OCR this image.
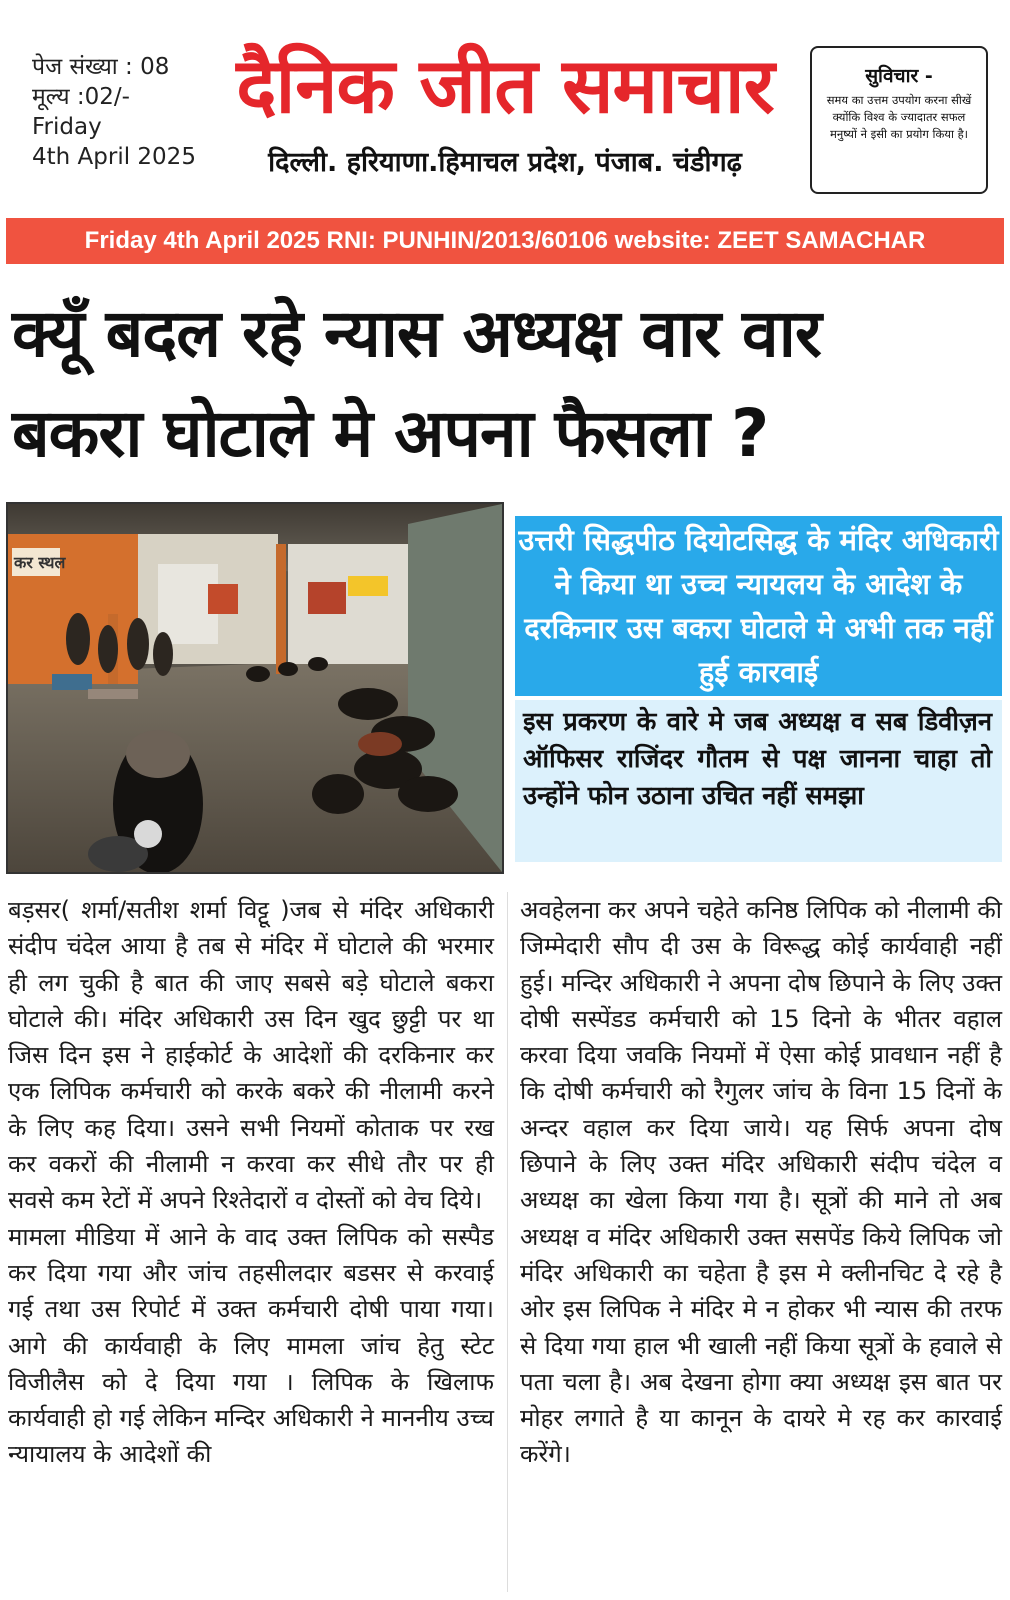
पेज संख्या : 08
मूल्य :02/-
Friday
4th April 2025
दैनिक जीत समाचार
दिल्ली. हरियाणा.हिमाचल प्रदेश, पंजाब. चंडीगढ़
सुविचार -
समय का उत्तम उपयोग करना सीखें क्योंकि विश्व के ज्यादातर सफल मनुष्यों ने इसी का प्रयोग किया है।
Friday 4th April 2025 RNI: PUNHIN/2013/60106 website: ZEET SAMACHAR
क्यूँ बदल रहे न्यास अध्यक्ष वार वार
बकरा घोटाले मे अपना फैसला ?
कर स्थल
उत्तरी सिद्धपीठ दियोटसिद्ध के मंदिर अधिकारी ने किया था उच्च न्यायलय के आदेश के दरकिनार उस बकरा घोटाले मे अभी तक नहीं हुई कारवाई
इस प्रकरण के वारे मे जब अध्यक्ष व सब डिवीज़न ऑफिसर राजिंदर गौतम से पक्ष जानना चाहा तो उन्होंने फोन उठाना उचित नहीं समझा

बड़सर( शर्मा/सतीश शर्मा विट्टू )जब से मंदिर अधिकारी संदीप चंदेल आया है तब से मंदिर में घोटाले की भरमार ही लग चुकी है बात की जाए सबसे बड़े घोटाले बकरा घोटाले की। मंदिर अधिकारी उस दिन खुद छुट्टी पर था जिस दिन इस ने हाईकोर्ट के आदेशों की दरकिनार कर एक लिपिक कर्मचारी को करके बकरे की नीलामी करने के लिए कह दिया। उसने सभी नियमों कोताक पर रख कर वकरों की नीलामी न करवा कर सीधे तौर पर ही सवसे कम रेटों में अपने रिश्तेदारों व दोस्तों को वेच दिये।

मामला मीडिया में आने के वाद उक्त लिपिक को सस्पैड कर दिया गया और जांच तहसीलदार बडसर से करवाई गई तथा उस रिपोर्ट में उक्त कर्मचारी दोषी पाया गया। आगे की कार्यवाही के लिए मामला जांच हेतु स्टेट विजीलैस को दे दिया गया । लिपिक के खिलाफ कार्यवाही हो गई लेकिन मन्दिर अधिकारी ने माननीय उच्च न्यायालय के आदेशों की

अवहेलना कर अपने चहेते कनिष्ठ लिपिक को नीलामी की जिम्मेदारी सौप दी उस के विरूद्ध कोई कार्यवाही नहीं हुई। मन्दिर अधिकारी ने अपना दोष छिपाने के लिए उक्त दोषी सस्पेंडड कर्मचारी को 15 दिनो के भीतर वहाल करवा दिया जवकि नियमों में ऐसा कोई प्रावधान नहीं है कि दोषी कर्मचारी को रैगुलर जांच के विना 15 दिनों के अन्दर वहाल कर दिया जाये। यह सिर्फ अपना दोष छिपाने के लिए उक्त मंदिर अधिकारी संदीप चंदेल व अध्यक्ष का खेला किया गया है। सूत्रों की माने तो अब अध्यक्ष व मंदिर अधिकारी उक्त ससपेंड किये लिपिक जो मंदिर अधिकारी का चहेता है इस मे क्लीनचिट दे रहे है ओर इस लिपिक ने मंदिर मे न होकर भी न्यास की तरफ से दिया गया हाल भी खाली नहीं किया सूत्रों के हवाले से पता चला है। अब देखना होगा क्या अध्यक्ष इस बात पर मोहर लगाते है या कानून के दायरे मे रह कर कारवाई करेंगे।
